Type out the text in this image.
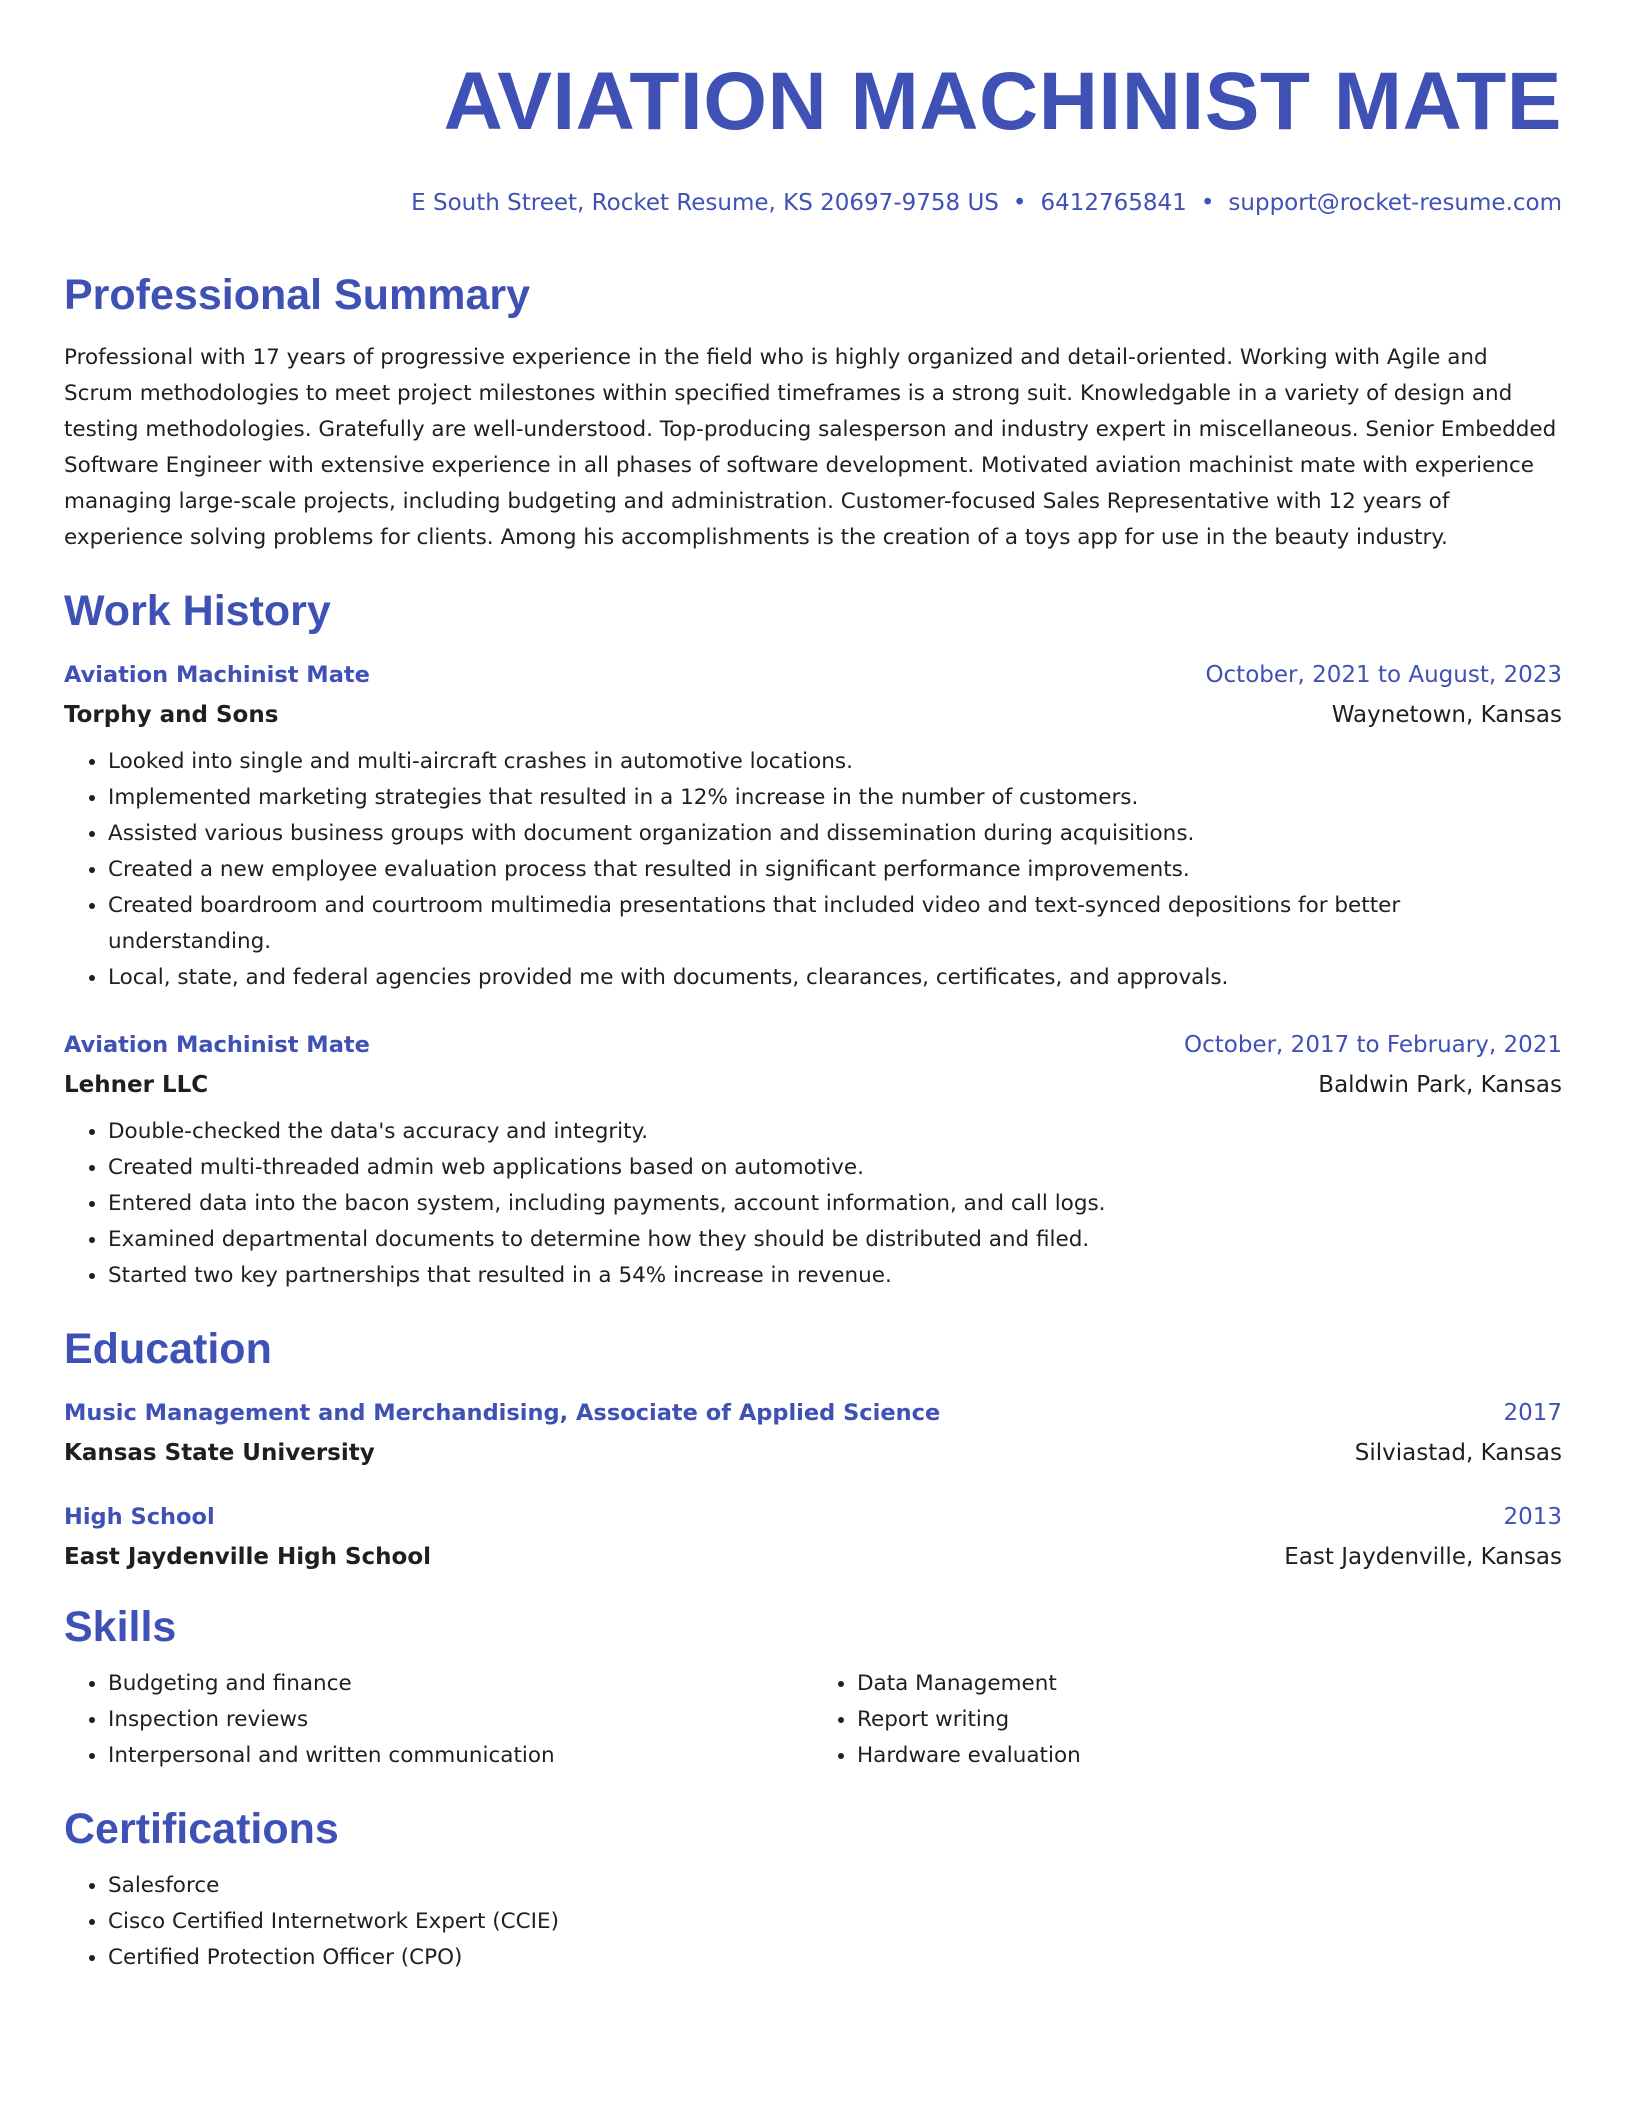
AVIATION MACHINIST MATE
E South Street, Rocket Resume, KS 20697-9758 US • 6412765841 • support@rocket-resume.com
Professional Summary

Professional with 17 years of progressive experience in the field who is highly organized and detail-oriented. Working with Agile and Scrum methodologies to meet project milestones within specified timeframes is a strong suit. Knowledgable in a variety of design and testing methodologies. Gratefully are well-understood. Top-producing salesperson and industry expert in miscellaneous. Senior Embedded Software Engineer with extensive experience in all phases of software development. Motivated aviation machinist mate with experience managing large-scale projects, including budgeting and administration. Customer-focused Sales Representative with 12 years of experience solving problems for clients. Among his accomplishments is the creation of a toys app for use in the beauty industry.

Work History
Aviation Machinist Mate	October, 2021 to August, 2023
Torphy and Sons	Waynetown, Kansas
• Looked into single and multi-aircraft crashes in automotive locations.
• Implemented marketing strategies that resulted in a 12% increase in the number of customers.
• Assisted various business groups with document organization and dissemination during acquisitions.
• Created a new employee evaluation process that resulted in significant performance improvements.
• Created boardroom and courtroom multimedia presentations that included video and text-synced depositions for better understanding.
• Local, state, and federal agencies provided me with documents, clearances, certificates, and approvals.
Aviation Machinist Mate	October, 2017 to February, 2021
Lehner LLC	Baldwin Park, Kansas
• Double-checked the data's accuracy and integrity.
• Created multi-threaded admin web applications based on automotive.
• Entered data into the bacon system, including payments, account information, and call logs.
• Examined departmental documents to determine how they should be distributed and filed.
• Started two key partnerships that resulted in a 54% increase in revenue.
Education
Music Management and Merchandising, Associate of Applied Science	2017
Kansas State University	Silviastad, Kansas
High School	2013
East Jaydenville High School	East Jaydenville, Kansas
Skills
• Budgeting and finance
• Inspection reviews
• Interpersonal and written communication
• Data Management
• Report writing
• Hardware evaluation
Certifications
• Salesforce
• Cisco Certified Internetwork Expert (CCIE)
• Certified Protection Officer (CPO)
